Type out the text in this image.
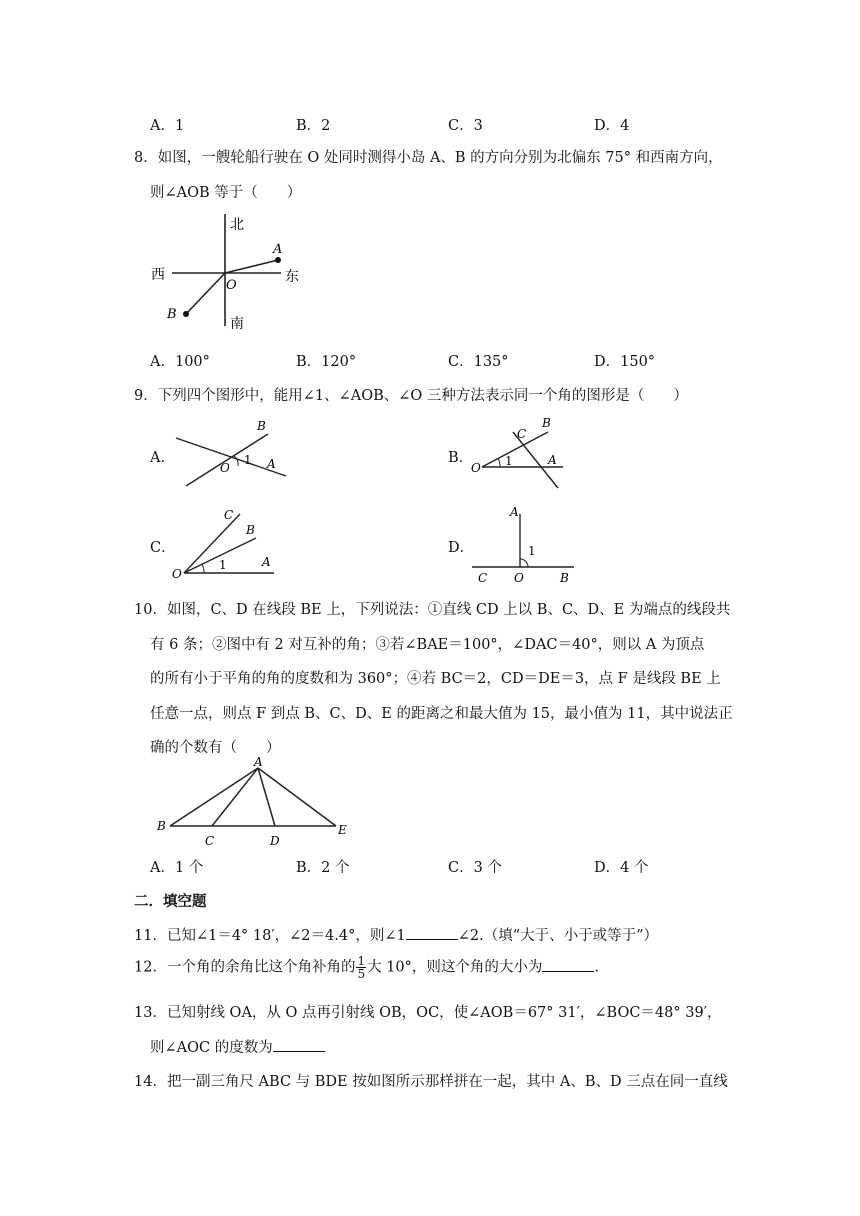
A．1	B．2	C．3	D．4
8．如图，一艘轮船行驶在 O 处同时测得小岛 A、B 的方向分别为北偏东 75° 和西南方向，
则∠AOB 等于（　　）
北
南
西	东
O
A
B
A．100°	B．120°	C．135°	D．150°
9．下列四个图形中，能用∠1、∠AOB、∠O 三种方法表示同一个角的图形是（　　）
A．
B
O
1 A	B．
C
B
O 1	A
C．
C
B
O
1	A
D．
A
1
C O	B
10．如图，C、D 在线段 BE 上，下列说法：①直线 CD 上以 B、C、D、E 为端点的线段共
有 6 条；②图中有 2 对互补的角；③若∠BAE＝100°，∠DAC＝40°，则以 A 为顶点
的所有小于平角的角的度数和为 360°；④若 BC＝2，CD＝DE＝3，点 F 是线段 BE 上
任意一点，则点 F 到点 B、C、D、E 的距离之和最大值为 15，最小值为 11，其中说法正
确的个数有（　　）
A
B
C	D
E
A．1 个	B．2 个	C．3 个	D．4 个
二．填空题
11．已知∠1＝4° 18′，∠2＝4.4°，则∠1	∠2.（填“大于、小于或等于”）
12．一个角的余角比这个角补角的 $\frac{1}{5}$ 大 10°，则这个角的大小为	.
13．已知射线 OA，从 O 点再引射线 OB，OC，使∠AOB＝67° 31′，∠BOC＝48° 39′，
则∠AOC 的度数为
14．把一副三角尺 ABC 与 BDE 按如图所示那样拼在一起，其中 A、B、D 三点在同一直线
